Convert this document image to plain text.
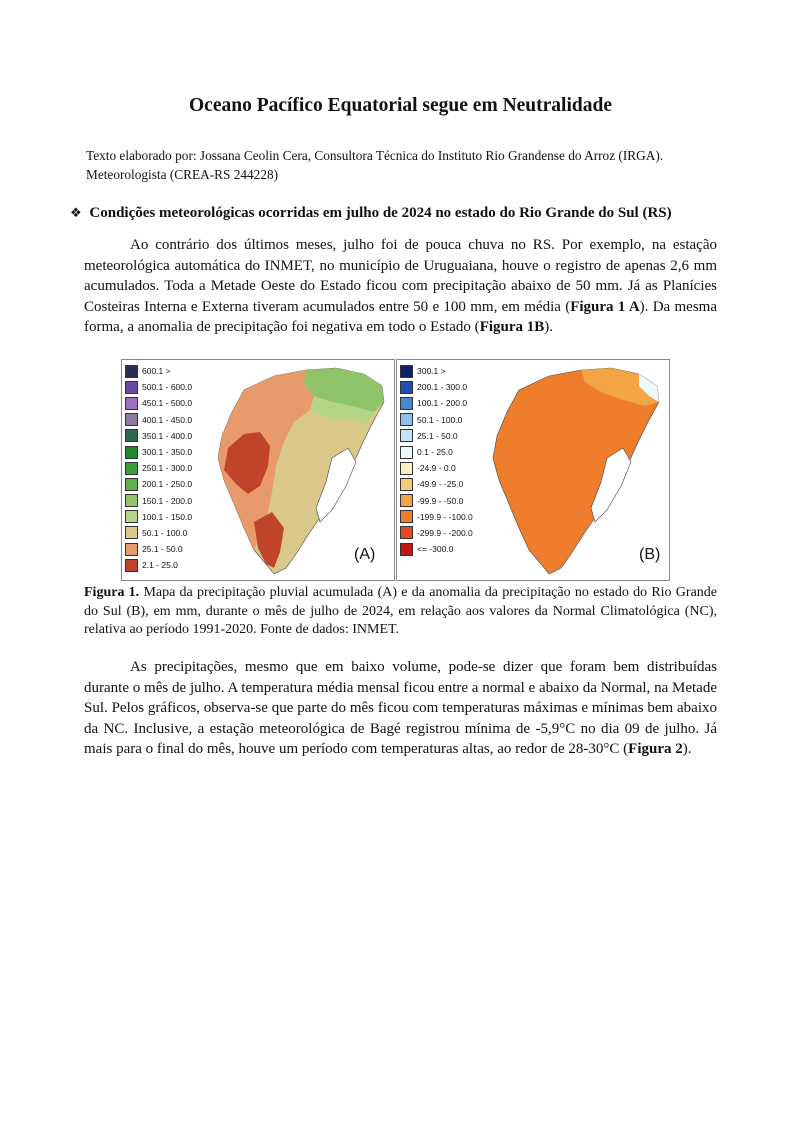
Oceano Pacífico Equatorial segue em Neutralidade
Texto elaborado por: Jossana Ceolin Cera, Consultora Técnica do Instituto Rio Grandense do Arroz (IRGA).
Meteorologista (CREA-RS 244228)
❖ Condições meteorológicas ocorridas em julho de 2024 no estado do Rio Grande do Sul (RS)
Ao contrário dos últimos meses, julho foi de pouca chuva no RS. Por exemplo, na estação meteorológica automática do INMET, no município de Uruguaiana, houve o registro de apenas 2,6 mm acumulados. Toda a Metade Oeste do Estado ficou com precipitação abaixo de 50 mm. Já as Planícies Costeiras Interna e Externa tiveram acumulados entre 50 e 100 mm, em média (Figura 1 A). Da mesma forma, a anomalia de precipitação foi negativa em todo o Estado (Figura 1B).
600.1 >
500.1 - 600.0
450.1 - 500.0
400.1 - 450.0
350.1 - 400.0
300.1 - 350.0
250.1 - 300.0
200.1 - 250.0
150.1 - 200.0
100.1 - 150.0
50.1 - 100.0
25.1 - 50.0
2.1 - 25.0
(A)
300.1 >
200.1 - 300.0
100.1 - 200.0
50.1 - 100.0
25.1 - 50.0
0.1 - 25.0
-24.9 - 0.0
-49.9 - -25.0
-99.9 - -50.0
-199.9 - -100.0
-299.9 - -200.0
<= -300.0	(B)
Figura 1. Mapa da precipitação pluvial acumulada (A) e da anomalia da precipitação no estado do Rio Grande do Sul (B), em mm, durante o mês de julho de 2024, em relação aos valores da Normal Climatológica (NC), relativa ao período 1991-2020. Fonte de dados: INMET.
As precipitações, mesmo que em baixo volume, pode-se dizer que foram bem distribuídas durante o mês de julho. A temperatura média mensal ficou entre a normal e abaixo da Normal, na Metade Sul. Pelos gráficos, observa-se que parte do mês ficou com temperaturas máximas e mínimas bem abaixo da NC. Inclusive, a estação meteorológica de Bagé registrou mínima de -5,9°C no dia 09 de julho. Já mais para o final do mês, houve um período com temperaturas altas, ao redor de 28-30°C (Figura 2).
